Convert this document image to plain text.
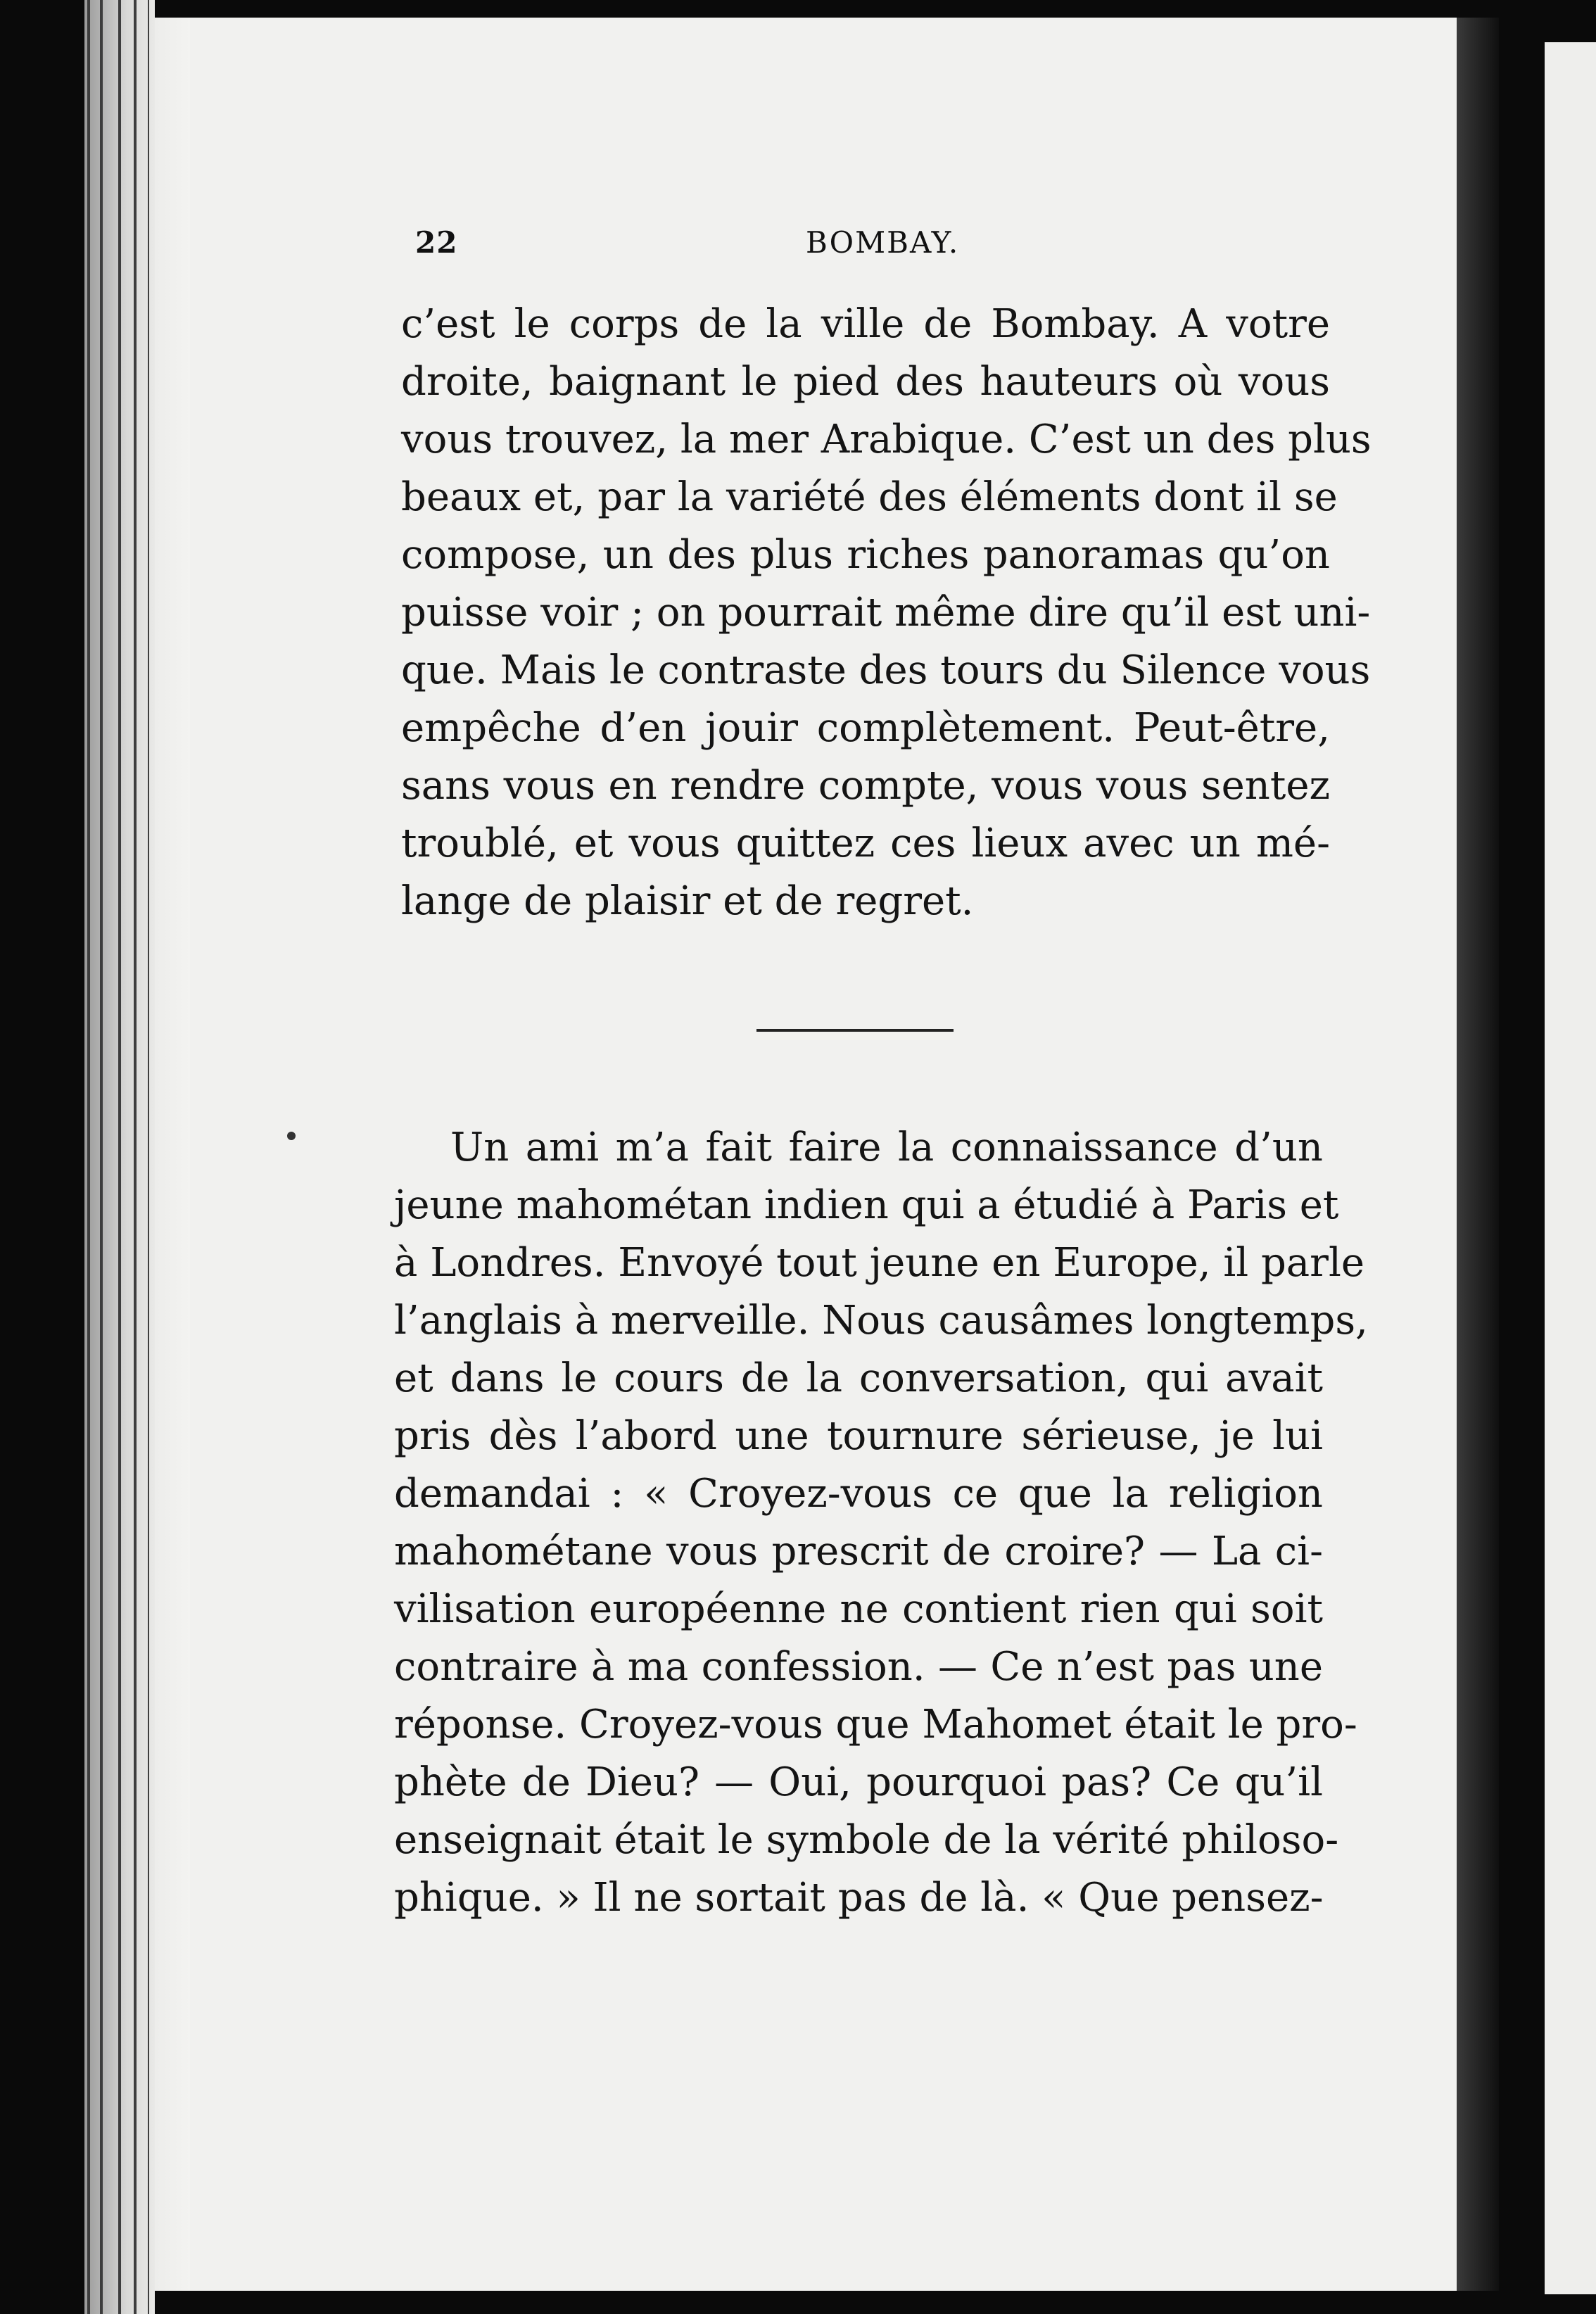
22	BOMBAY.
c’est le corps de la ville de Bombay. A votre
droite, baignant le pied des hauteurs où vous
vous trouvez, la mer Arabique. C’est un des plus
beaux et, par la variété des éléments dont il se
compose, un des plus riches panoramas qu’on
puisse voir ; on pourrait même dire qu’il est uni-
que. Mais le contraste des tours du Silence vous
empêche d’en jouir complètement. Peut-être,
sans vous en rendre compte, vous vous sentez
troublé, et vous quittez ces lieux avec un mé-
lange de plaisir et de regret.
Un ami m’a fait faire la connaissance d’un
jeune mahométan indien qui a étudié à Paris et
à Londres. Envoyé tout jeune en Europe, il parle
l’anglais à merveille. Nous causâmes longtemps,
et dans le cours de la conversation, qui avait
pris dès l’abord une tournure sérieuse, je lui
demandai : « Croyez-vous ce que la religion
mahométane vous prescrit de croire? — La ci-
vilisation européenne ne contient rien qui soit
contraire à ma confession. — Ce n’est pas une
réponse. Croyez-vous que Mahomet était le pro-
phète de Dieu? — Oui, pourquoi pas? Ce qu’il
enseignait était le symbole de la vérité philoso-
phique. » Il ne sortait pas de là. « Que pensez-
